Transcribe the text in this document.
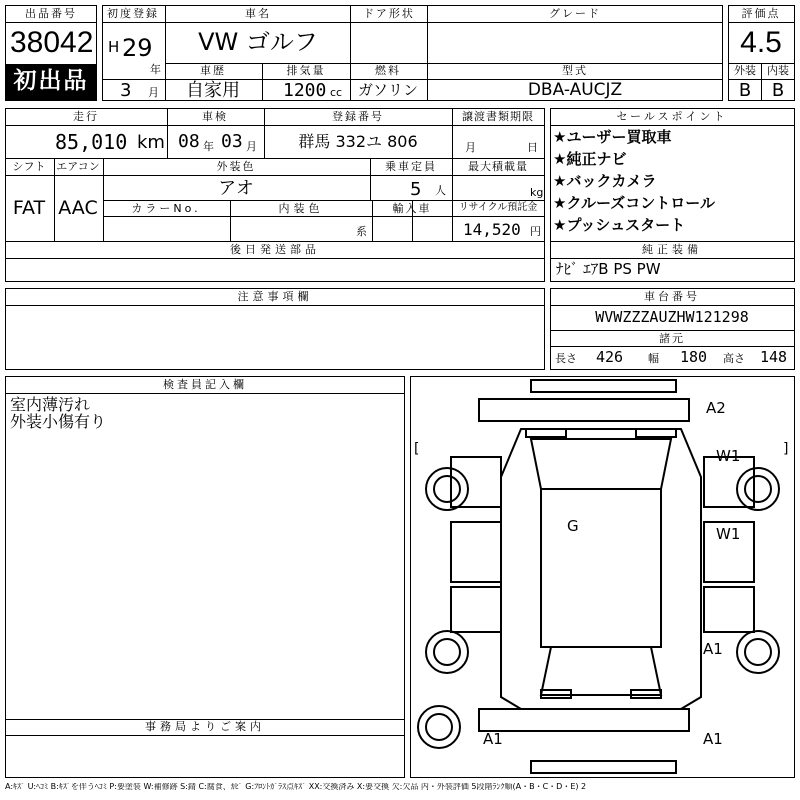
出品番号
38042
初出品
初度登録
H 29
年
3 月
車名
VW ゴルフ
ドア形状	グレード
車歴
自家用
排気量
1200 cc
燃料
ガソリン
型式
DBA-AUCJZ
評価点
4.5
外装 内装
B B
走行
85,010 km
車検
08 年 03 月
登録番号
群馬 332ユ 806
譲渡書類期限
月	日
シフト エアコン
FAT AAC
外装色
アオ
乗車定員
5 人
最大積載量
kg
カラーNo.	内装色
系
輸入車	リサイクル預託金
14,520 円
後日発送部品
セールスポイント
★ユーザー買取車
★純正ナビ
★バックカメラ
★クルーズコントロール
★プッシュスタート
純正装備
ﾅﾋﾞ ｴｱB PS PW
注意事項欄	車台番号
WVWZZZAUZHW121298
諸元
長さ 426 幅 180 高さ 148
検査員記入欄
室内薄汚れ
外装小傷有り
事務局よりご案内
A2
W1
G	W1
A1
A1	A1
[	]
A:ｷｽﾞ U:ﾍｺﾐ B:ｷｽﾞを伴うﾍｺﾐ P:要塗装 W:補修跡 S:錆 C:腐食、ｶﾋﾞ G:ﾌﾛﾝﾄｶﾞﾗｽ点ｷｽﾞ XX:交換済み X:要交換 欠:欠品 内・外装評価 5段階ﾗﾝｸ順(A・B・C・D・E) 2
